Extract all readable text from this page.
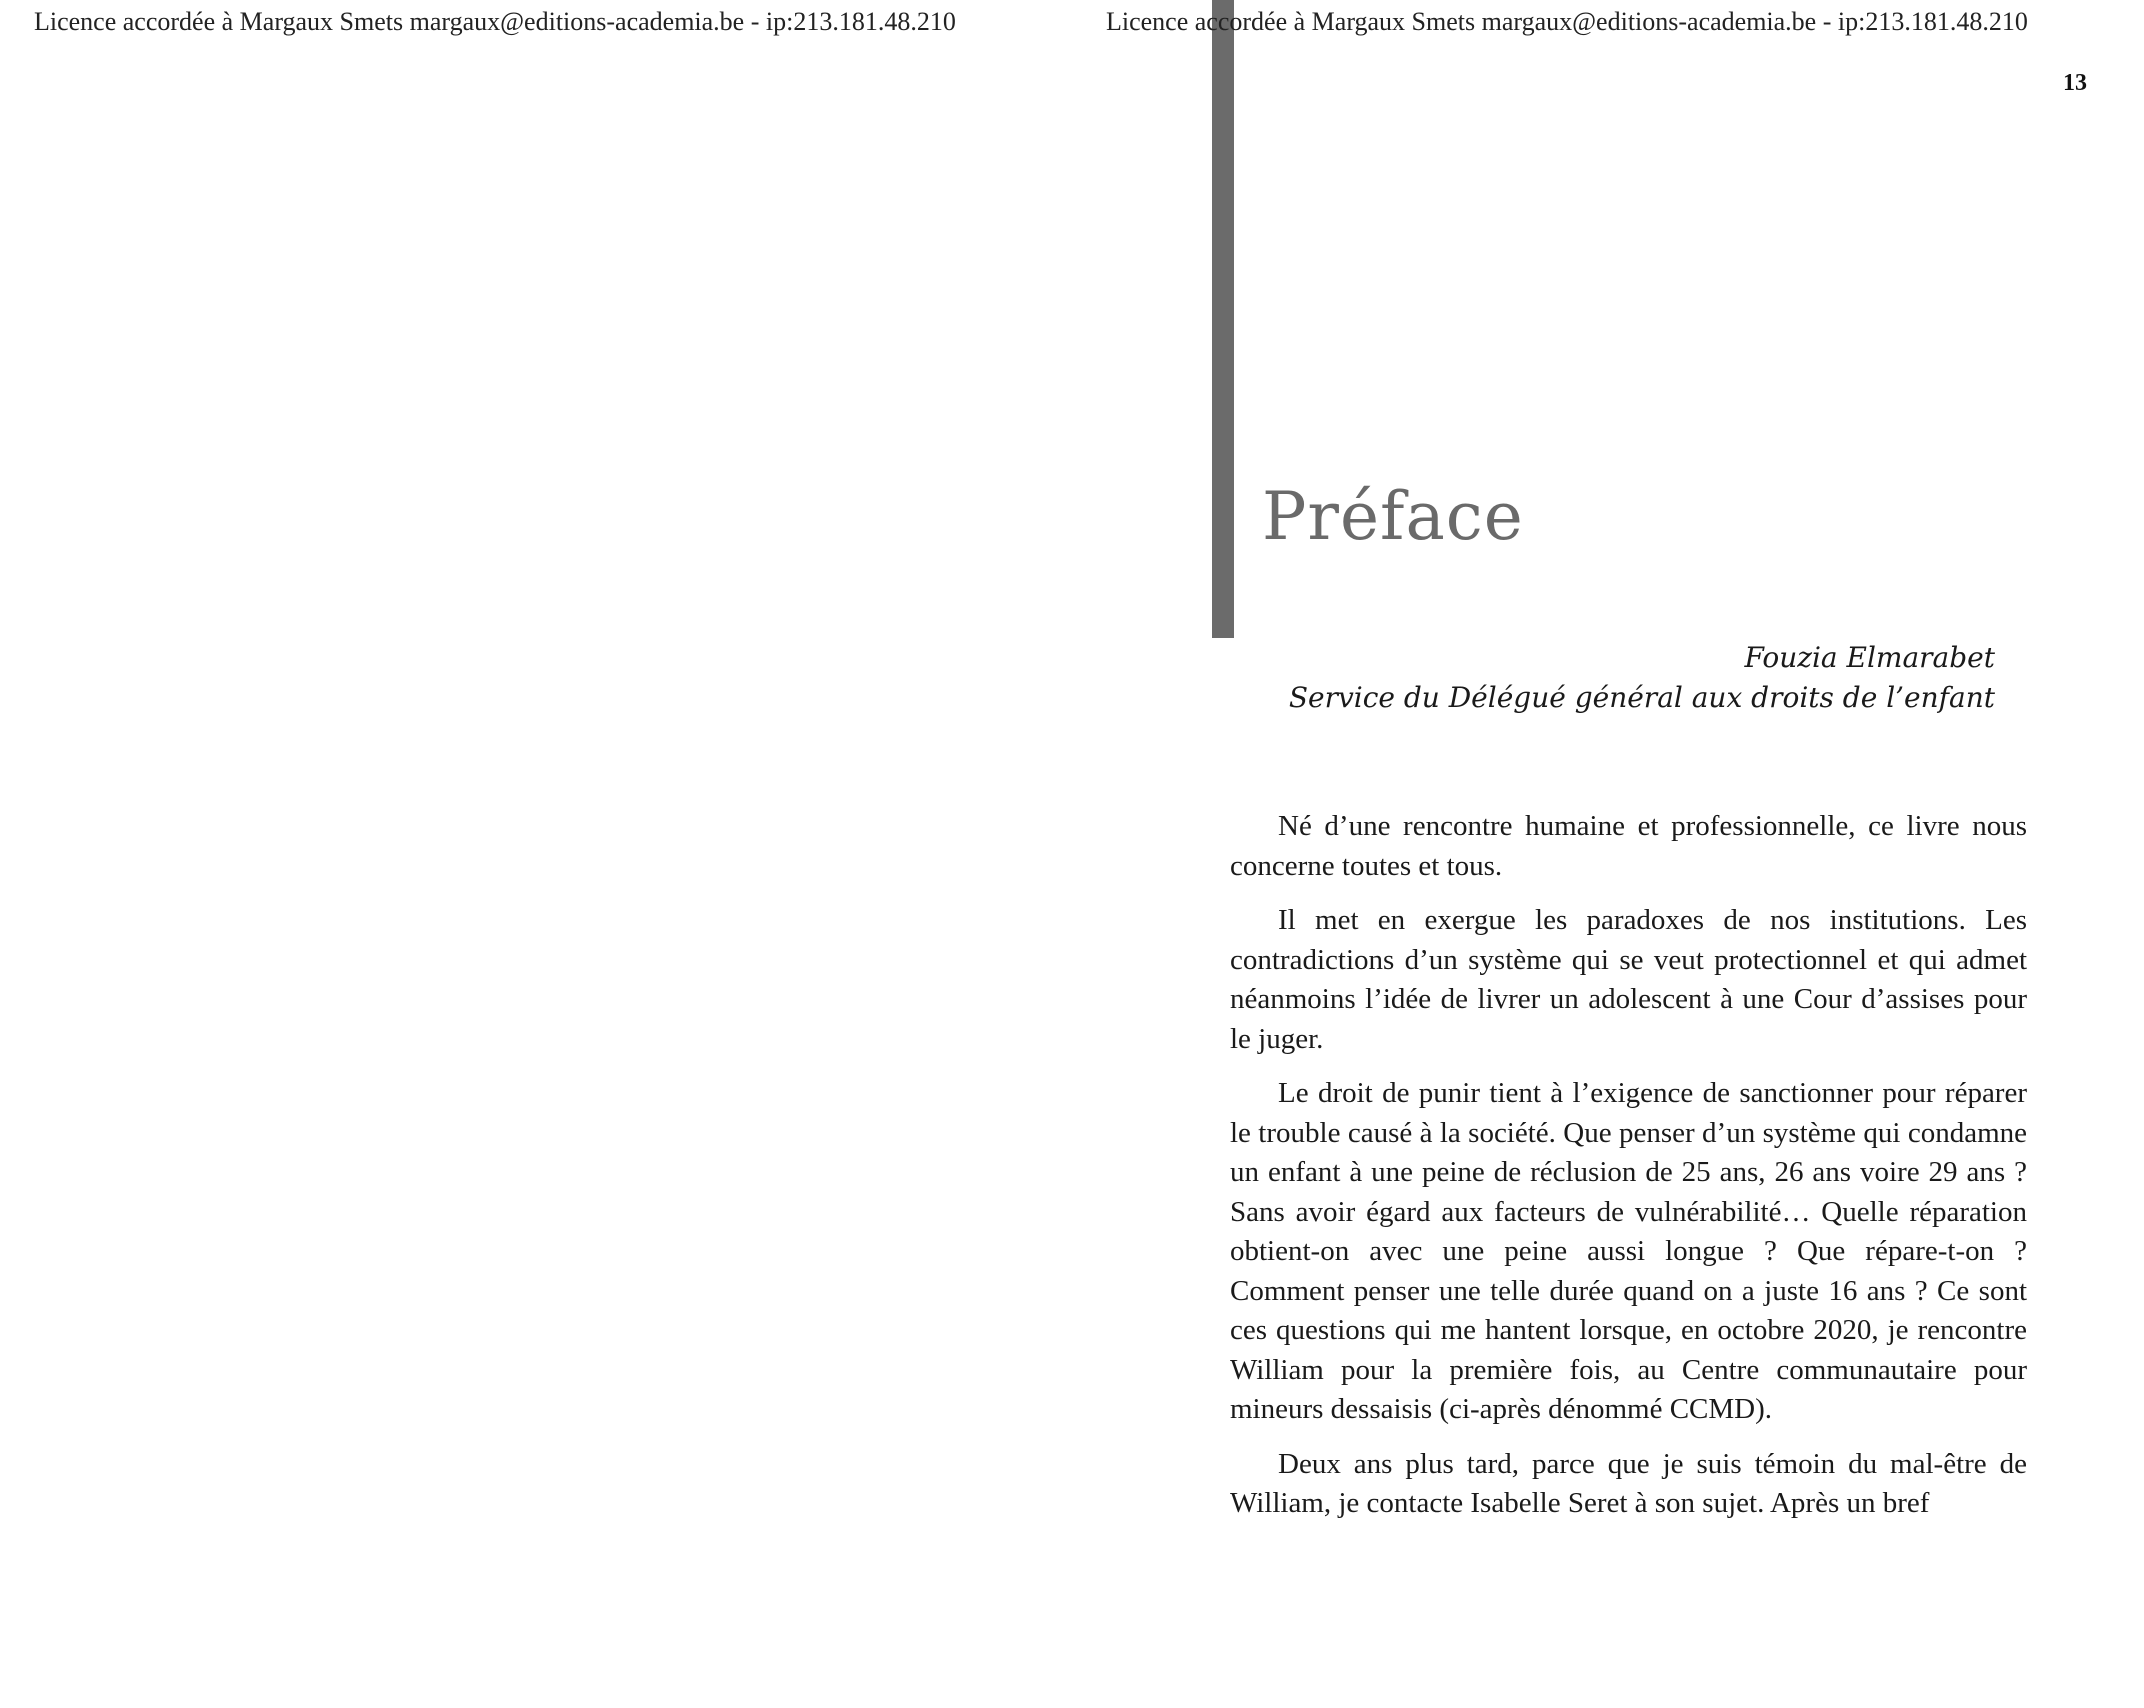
Licence accordée à Margaux Smets margaux@editions-academia.be - ip:213.181.48.210	Licence accordée à Margaux Smets margaux@editions-academia.be - ip:213.181.48.210
13
Préface
Fouzia Elmarabet
Service du Délégué général aux droits de l’enfant

Né d’une rencontre humaine et professionnelle, ce livre nous concerne toutes et tous.

Il met en exergue les paradoxes de nos institutions. Les contradictions d’un système qui se veut protectionnel et qui admet néanmoins l’idée de livrer un adolescent à une Cour d’assises pour le juger.

Le droit de punir tient à l’exigence de sanctionner pour réparer le trouble causé à la société. Que penser d’un système qui condamne un enfant à une peine de réclusion de 25 ans, 26 ans voire 29 ans ? Sans avoir égard aux facteurs de vulnérabilité… Quelle réparation obtient-on avec une peine aussi longue ? Que répare-t-on ? Comment penser une telle durée quand on a juste 16 ans ? Ce sont ces questions qui me hantent lorsque, en octobre 2020, je rencontre William pour la première fois, au Centre communautaire pour mineurs dessaisis (ci-après dénommé CCMD).

Deux ans plus tard, parce que je suis témoin du mal-être de William, je contacte Isabelle Seret à son sujet. Après un bref
